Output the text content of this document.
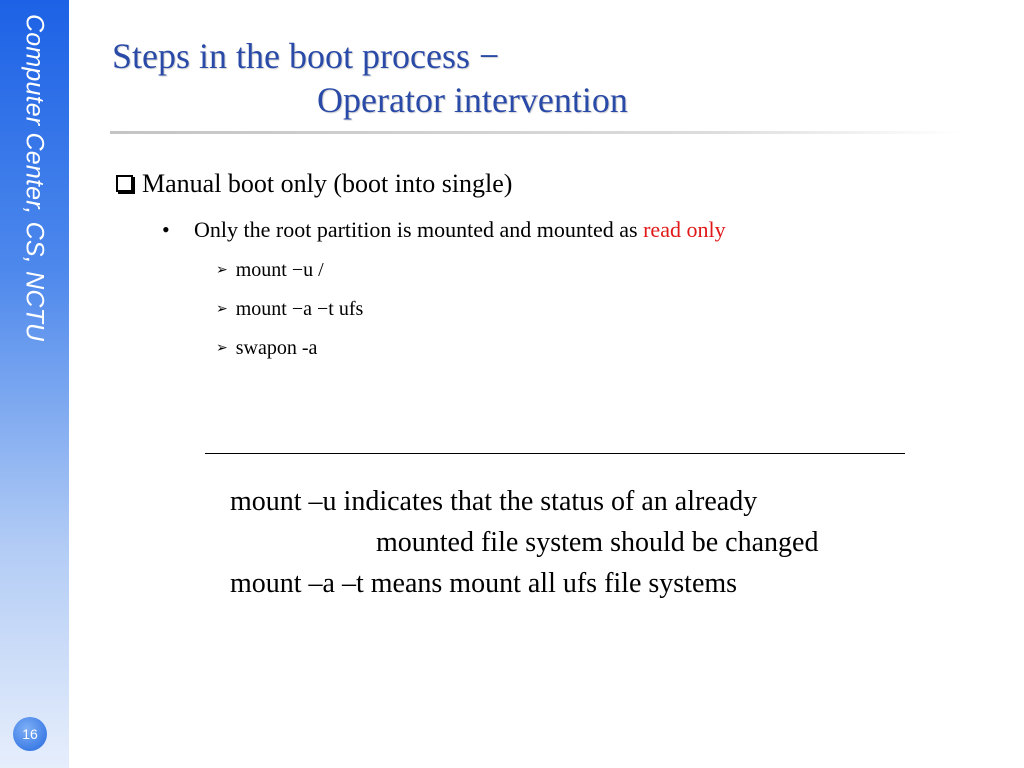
Computer Center, CS, NCTU
16
Steps in the boot process −
Operator intervention
Manual boot only (boot into single)
•	Only the root partition is mounted and mounted as read only
➢ mount −u /
➢ mount −a −t ufs
➢ swapon -a
mount –u indicates that the status of an already
mounted file system should be changed
mount –a –t means mount all ufs file systems
